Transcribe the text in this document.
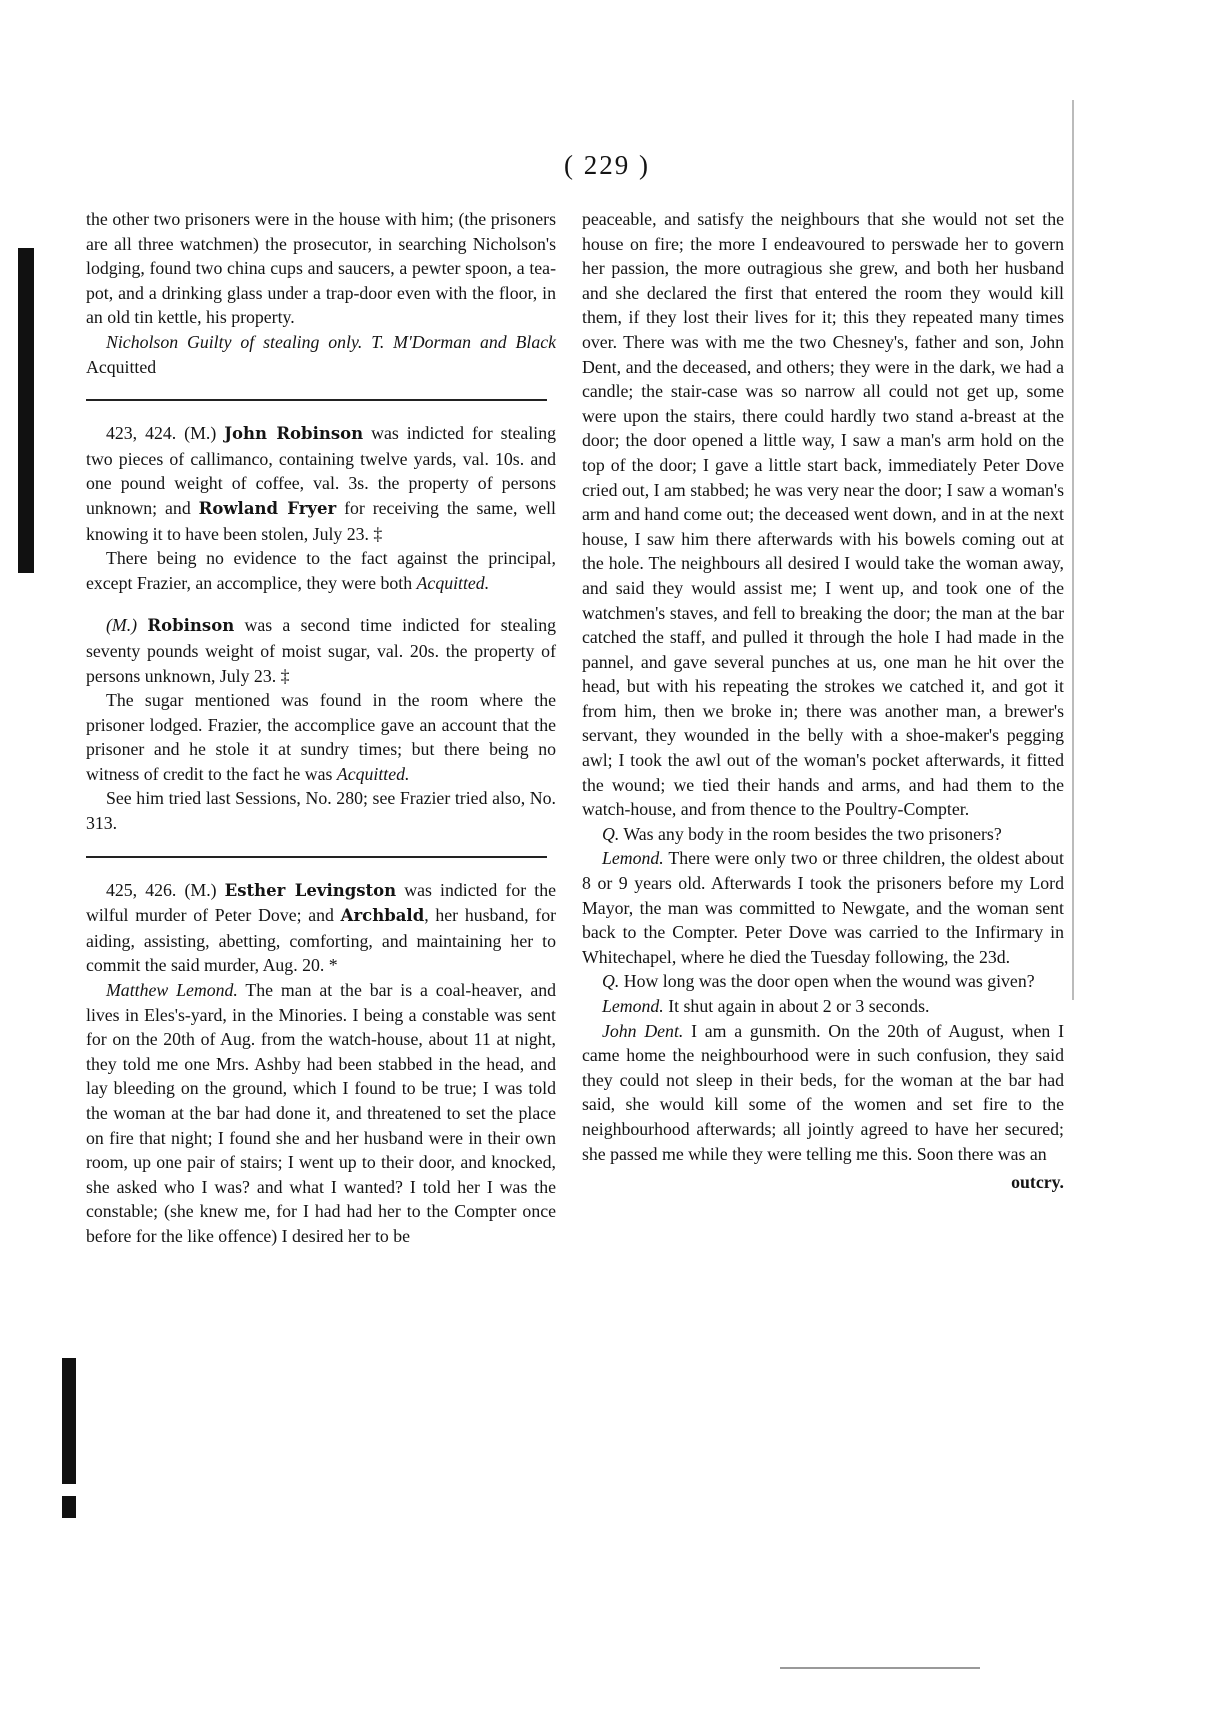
( 229 )

the other two prisoners were in the house with him; (the prisoners are all three watchmen) the prosecutor, in searching Nicholson's lodging, found two china cups and saucers, a pewter spoon, a tea-pot, and a drinking glass under a trap-door even with the floor, in an old tin kettle, his property.

Nicholson Guilty of stealing only. T. M'Dorman and Black Acquitted

423, 424. (M.) John Robinson was indicted for stealing two pieces of callimanco, containing twelve yards, val. 10s. and one pound weight of coffee, val. 3s. the property of persons unknown; and Rowland Fryer for receiving the same, well knowing it to have been stolen, July 23. ‡

There being no evidence to the fact against the principal, except Frazier, an accomplice, they were both Acquitted.

(M.) Robinson was a second time indicted for stealing seventy pounds weight of moist sugar, val. 20s. the property of persons unknown, July 23. ‡

The sugar mentioned was found in the room where the prisoner lodged. Frazier, the accomplice gave an account that the prisoner and he stole it at sundry times; but there being no witness of credit to the fact he was Acquitted.

See him tried last Sessions, No. 280; see Frazier tried also, No. 313.

425, 426. (M.) Esther Levingston was indicted for the wilful murder of Peter Dove; and Archbald, her husband, for aiding, assisting, abetting, comforting, and maintaining her to commit the said murder, Aug. 20. *

Matthew Lemond. The man at the bar is a coal-heaver, and lives in Eles's-yard, in the Minories. I being a constable was sent for on the 20th of Aug. from the watch-house, about 11 at night, they told me one Mrs. Ashby had been stabbed in the head, and lay bleeding on the ground, which I found to be true; I was told the woman at the bar had done it, and threatened to set the place on fire that night; I found she and her husband were in their own room, up one pair of stairs; I went up to their door, and knocked, she asked who I was? and what I wanted? I told her I was the constable; (she knew me, for I had had her to the Compter once before for the like offence) I desired her to be

peaceable, and satisfy the neighbours that she would not set the house on fire; the more I endeavoured to perswade her to govern her passion, the more outragious she grew, and both her husband and she declared the first that entered the room they would kill them, if they lost their lives for it; this they repeated many times over. There was with me the two Chesney's, father and son, John Dent, and the deceased, and others; they were in the dark, we had a candle; the stair-case was so narrow all could not get up, some were upon the stairs, there could hardly two stand a-breast at the door; the door opened a little way, I saw a man's arm hold on the top of the door; I gave a little start back, immediately Peter Dove cried out, I am stabbed; he was very near the door; I saw a woman's arm and hand come out; the deceased went down, and in at the next house, I saw him there afterwards with his bowels coming out at the hole. The neighbours all desired I would take the woman away, and said they would assist me; I went up, and took one of the watchmen's staves, and fell to breaking the door; the man at the bar catched the staff, and pulled it through the hole I had made in the pannel, and gave several punches at us, one man he hit over the head, but with his repeating the strokes we catched it, and got it from him, then we broke in; there was another man, a brewer's servant, they wounded in the belly with a shoe-maker's pegging awl; I took the awl out of the woman's pocket afterwards, it fitted the wound; we tied their hands and arms, and had them to the watch-house, and from thence to the Poultry-Compter.

Q. Was any body in the room besides the two prisoners?

Lemond. There were only two or three children, the oldest about 8 or 9 years old. Afterwards I took the prisoners before my Lord Mayor, the man was committed to Newgate, and the woman sent back to the Compter. Peter Dove was carried to the Infirmary in Whitechapel, where he died the Tuesday following, the 23d.

Q. How long was the door open when the wound was given?

Lemond. It shut again in about 2 or 3 seconds.

John Dent. I am a gunsmith. On the 20th of August, when I came home the neighbourhood were in such confusion, they said they could not sleep in their beds, for the woman at the bar had said, she would kill some of the women and set fire to the neighbourhood afterwards; all jointly agreed to have her secured; she passed me while they were telling me this. Soon there was an

outcry.
